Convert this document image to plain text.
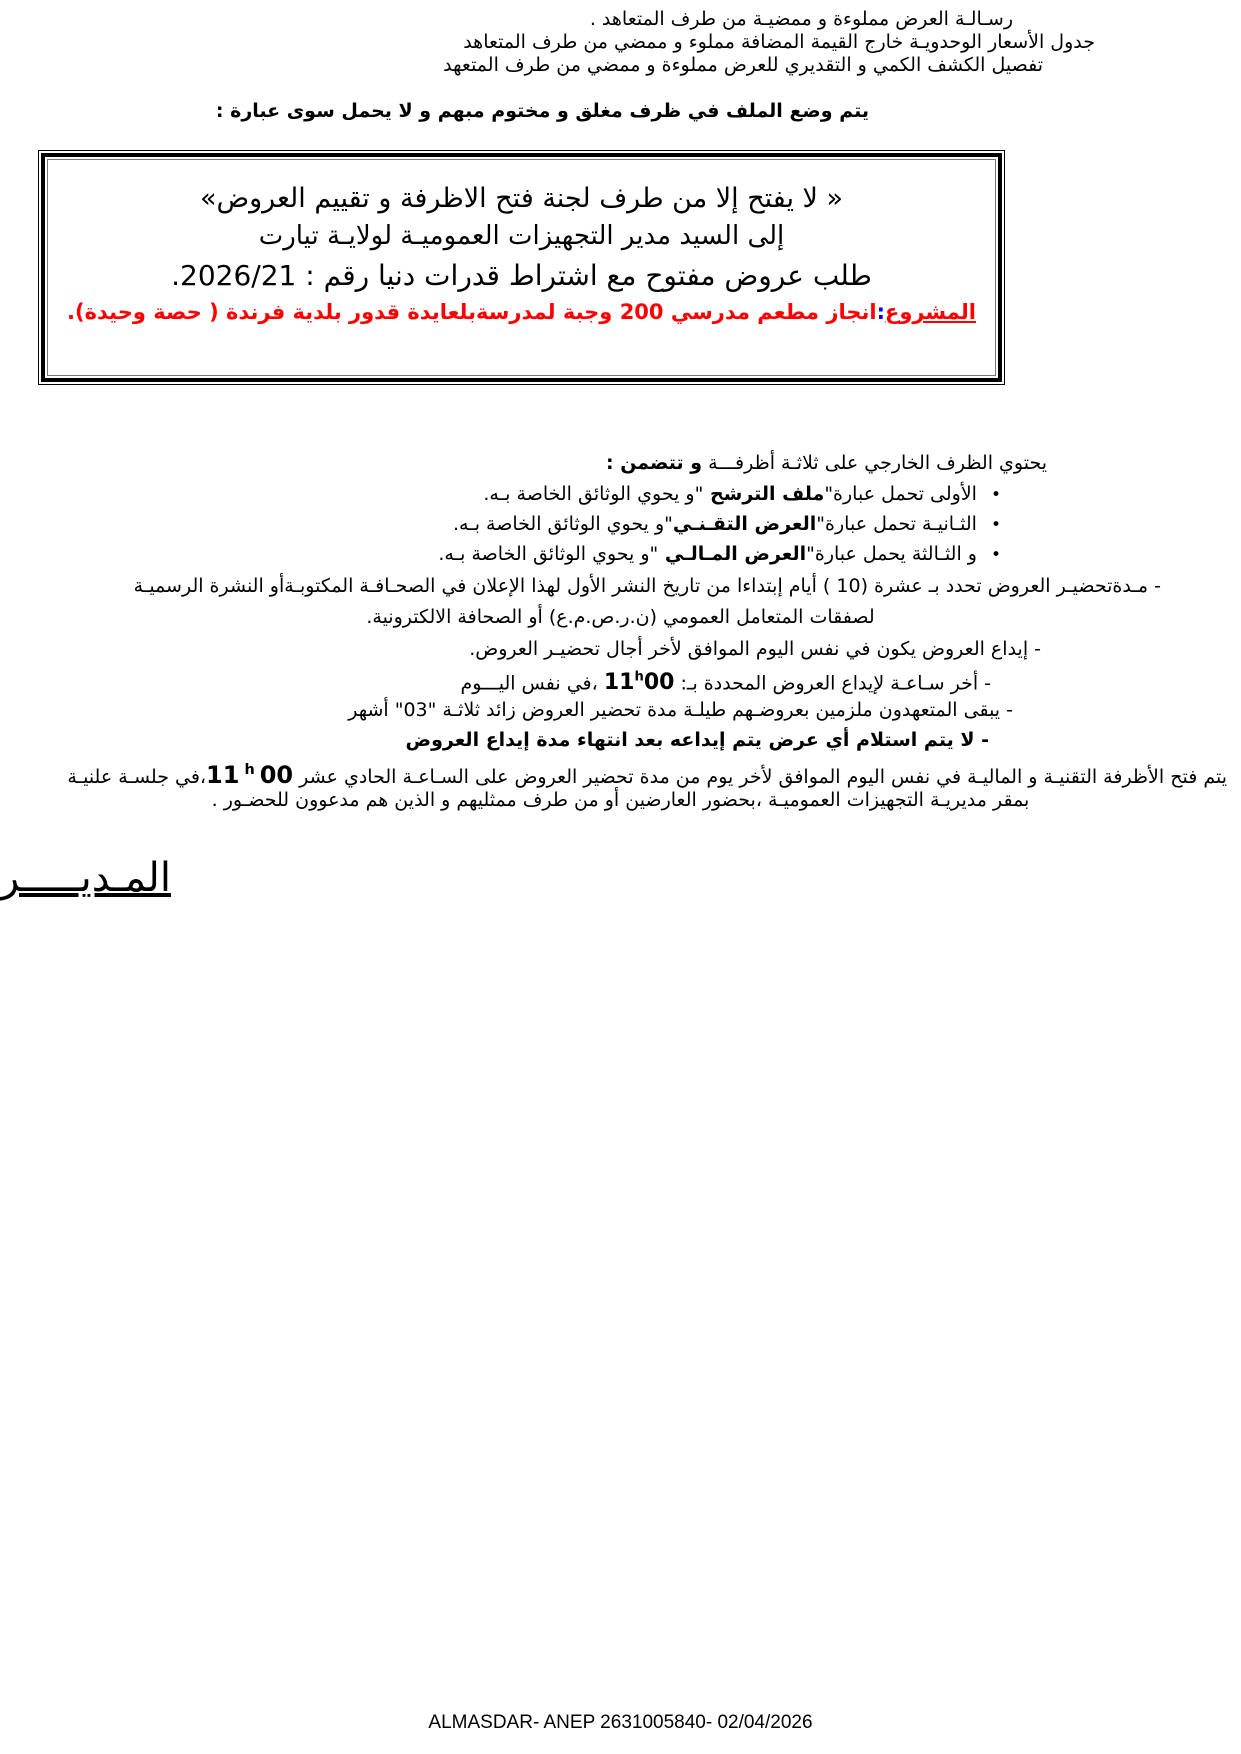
رسـالـة العرض مملوءة و ممضيـة من طرف المتعاهد .
جدول الأسعار الوحدويـة خارج القيمة المضافة مملوء و ممضي من طرف المتعاهد
تفصيل الكشف الكمي و التقديري للعرض مملوءة و ممضي من طرف المتعهد
يتم وضع الملف في ظرف مغلق و مختوم مبهم و لا يحمل سوى عبارة :
« لا يفتح إلا من طرف لجنة فتح الاظرفة و تقييم العروض»
إلى السيد مدير التجهيزات العموميـة لولايـة تيارت
طلب عروض مفتوح مع اشتراط قدرات دنيا رقم : 2026/21.
المشروع:انجاز مطعم مدرسي 200 وجبة لمدرسةبلعايدة قدور بلدية فرندة ( حصة وحيدة).
يحتوي الظرف الخارجي على ثلاثـة أظرفـــة و تتضمن :
•الأولى تحمل عبارة"ملف الترشح "و يحوي الوثائق الخاصة بـه.
•الثـانيـة تحمل عبارة"العرض التقـنـي"و يحوي الوثائق الخاصة بـه.
•و الثـالثة يحمل عبارة"العرض المـالـي "و يحوي الوثائق الخاصة بـه.
- مـدةتحضيـر العروض تحدد بـ عشرة (10 ) أيام إبتداءا من تاريخ النشر الأول لهذا الإعلان في الصحـافـة المكتوبـةأو النشرة الرسميـة
لصفقات المتعامل العمومي (ن.ر.ص.م.ع) أو الصحافة الالكترونية.
- إيداع العروض يكون في نفس اليوم الموافق لأخر أجال تحضيـر العروض.
- أخر سـاعـة لإيداع العروض المحددة بـ: 11$^h$00 ،في نفس اليـــوم
- يبقى المتعهدون ملزمين بعروضـهم طيلـة مدة تحضير العروض زائد ثلاثـة "03" أشهر
- لا يتم استلام أي عرض يتم إيداعه بعد انتهاء مدة إيداع العروض
يتم فتح الأظرفة التقنيـة و الماليـة في نفس اليوم الموافق لأخر يوم من مدة تحضير العروض على السـاعـة الحادي عشر 11 $^h$ 00،في جلسـة علنيـة
بمقر مديريـة التجهيزات العموميـة ،بحضور العارضين أو من طرف ممثليهم و الذين هم مدعوون للحضـور .
المـديـــــر
ALMASDAR- ANEP 2631005840- 02/04/2026
